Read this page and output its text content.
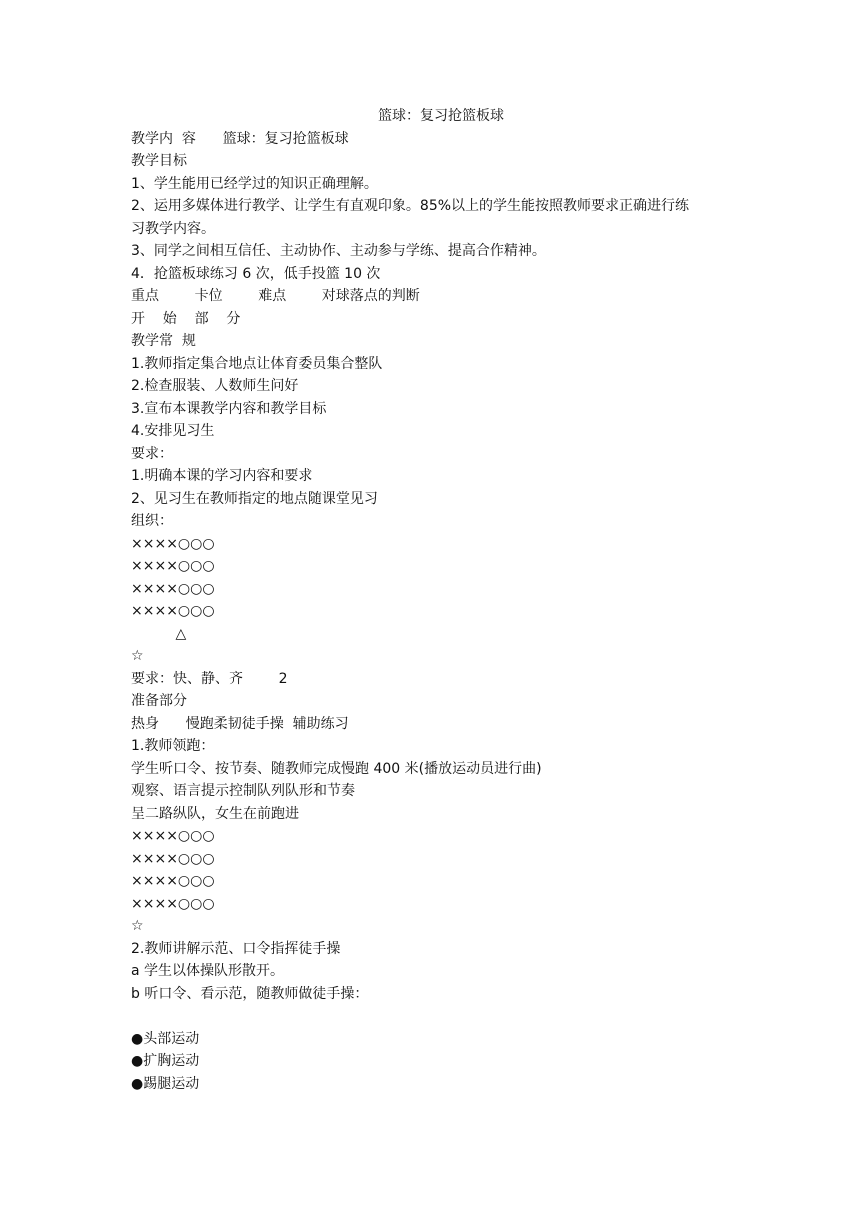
篮球：复习抢篮板球
教学内  容      篮球：复习抢篮板球
教学目标
1、学生能用已经学过的知识正确理解。
2、运用多媒体进行教学、让学生有直观印象。85%以上的学生能按照教师要求正确进行练
习教学内容。
3、同学之间相互信任、主动协作、主动参与学练、提高合作精神。
4．抢篮板球练习 6 次，低手投篮 10 次
重点        卡位        难点        对球落点的判断
开    始    部    分
教学常  规
1.教师指定集合地点让体育委员集合整队
2.检查服装、人数师生问好
3.宣布本课教学内容和教学目标
4.安排见习生
要求：
1.明确本课的学习内容和要求
2、见习生在教师指定的地点随课堂见习
组织：
××××○○○
××××○○○
××××○○○
××××○○○
△
☆
要求：快、静、齐        2
准备部分
热身      慢跑柔韧徒手操  辅助练习
1.教师领跑：
学生听口令、按节奏、随教师完成慢跑 400 米(播放运动员进行曲)
观察、语言提示控制队列队形和节奏
呈二路纵队，女生在前跑进
××××○○○
××××○○○
××××○○○
××××○○○
☆
2.教师讲解示范、口令指挥徒手操
a 学生以体操队形散开。
b 听口令、看示范，随教师做徒手操：
●头部运动
●扩胸运动
●踢腿运动
